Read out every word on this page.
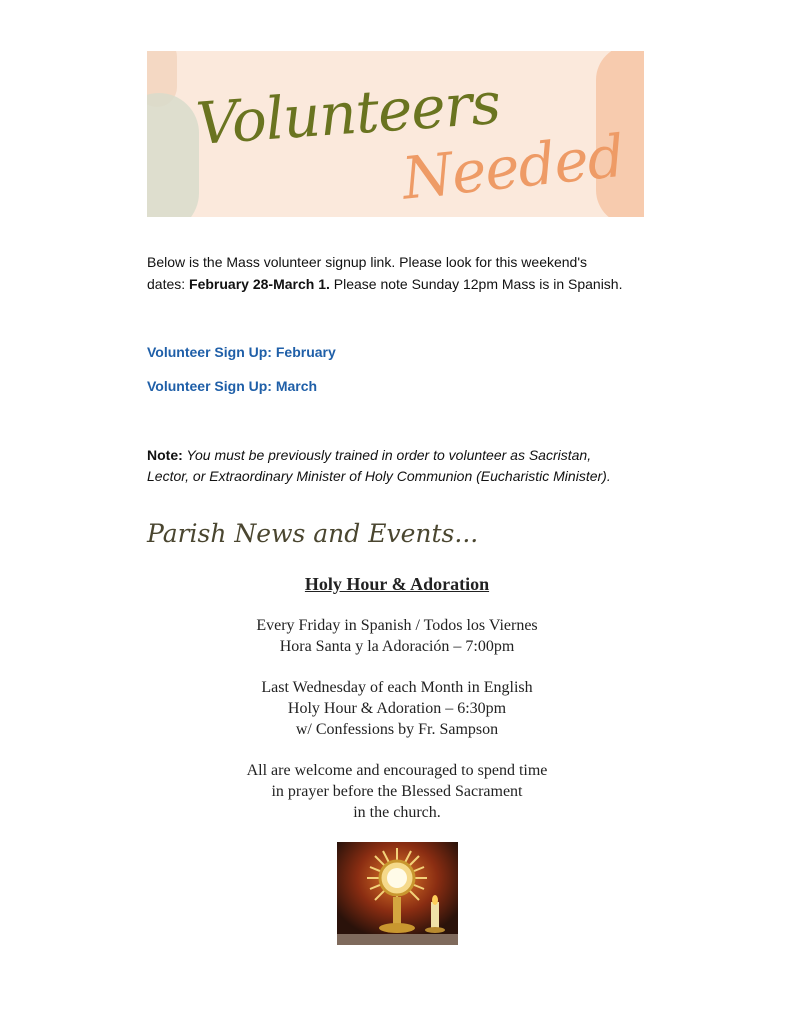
Volunteers
Needed
Below is the Mass volunteer signup link. Please look for this weekend's
dates: February 28-March 1. Please note Sunday 12pm Mass is in Spanish.
Volunteer Sign Up: February
Volunteer Sign Up: March
Note: You must be previously trained in order to volunteer as Sacristan,
Lector, or Extraordinary Minister of Holy Communion (Eucharistic Minister).
Parish News and Events...
Holy Hour & Adoration

Every Friday in Spanish / Todos los Viernes
Hora Santa y la Adoración – 7:00pm

Last Wednesday of each Month in English
Holy Hour & Adoration – 6:30pm
w/ Confessions by Fr. Sampson

All are welcome and encouraged to spend time
in prayer before the Blessed Sacrament
in the church.
